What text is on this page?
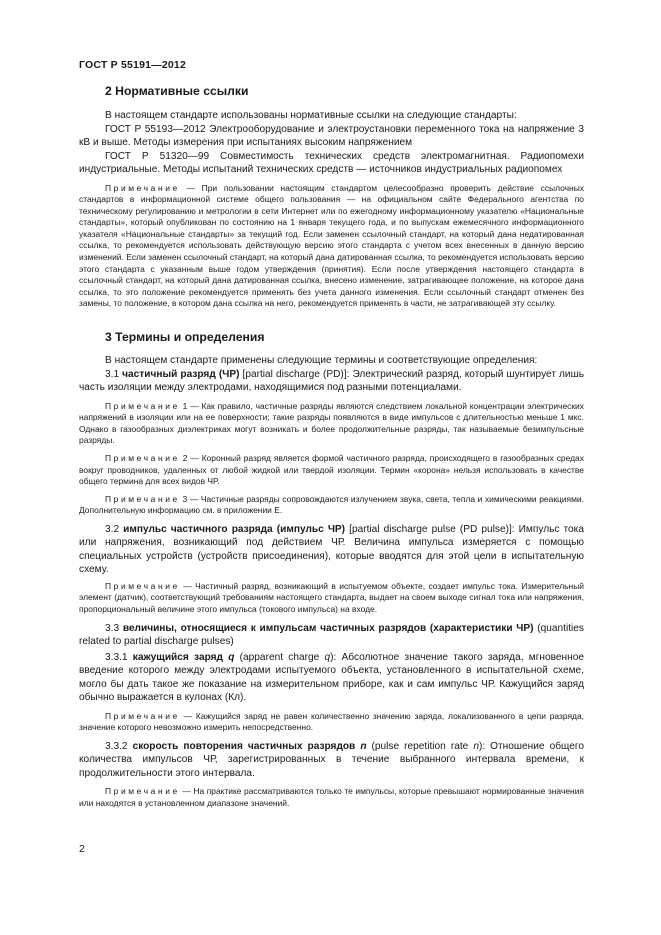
ГОСТ Р 55191—2012
2 Нормативные ссылки

В настоящем стандарте использованы нормативные ссылки на следующие стандарты:

ГОСТ Р 55193—2012 Электрооборудование и электроустановки переменного тока на напряжение 3 кВ и выше. Методы измерения при испытаниях высоким напряжением

ГОСТ Р 51320—99 Совместимость технических средств электромагнитная. Радиопомехи индустриальные. Методы испытаний технических средств — источников индустриальных радиопомех

Примечание — При пользовании настоящим стандартом целесообразно проверить действие ссылочных стандартов в информационной системе общего пользования — на официальном сайте Федерального агентства по техническому регулированию и метрологии в сети Интернет или по ежегодному информационному указателю «Национальные стандарты», который опубликован по состоянию на 1 января текущего года, и по выпускам ежемесячного информационного указателя «Национальные стандарты» за текущий год. Если заменен ссылочный стандарт, на который дана недатированная ссылка, то рекомендуется использовать действующую версию этого стандарта с учетом всех внесенных в данную версию изменений. Если заменен ссылочный стандарт, на который дана датированная ссылка, то рекомендуется использовать версию этого стандарта с указанным выше годом утверждения (принятия). Если после утверждения настоящего стандарта в ссылочный стандарт, на который дана датированная ссылка, внесено изменение, затрагивающее положение, на которое дана ссылка, то это положение рекомендуется применять без учета данного изменения. Если ссылочный стандарт отменен без замены, то положение, в котором дана ссылка на него, рекомендуется применять в части, не затрагивающей эту ссылку.

3 Термины и определения

В настоящем стандарте применены следующие термины и соответствующие определения:

3.1 частичный разряд (ЧР) [partial discharge (PD)]: Электрический разряд, который шунтирует лишь часть изоляции между электродами, находящимися под разными потенциалами.

Примечание 1 — Как правило, частичные разряды являются следствием локальной концентрации электрических напряжений в изоляции или на ее поверхности; такие разряды появляются в виде импульсов с длительностью меньше 1 мкс. Однако в газообразных диэлектриках могут возникать и более продолжительные разряды, так называемые безимпульсные разряды.

Примечание 2 — Коронный разряд является формой частичного разряда, происходящего в газообразных средах вокруг проводников, удаленных от любой жидкой или твердой изоляции. Термин «корона» нельзя использовать в качестве общего термина для всех видов ЧР.

Примечание 3 — Частичные разряды сопровождаются излучением звука, света, тепла и химическими реакциями. Дополнительную информацию см. в приложении Е.

3.2 импульс частичного разряда (импульс ЧР) [partial discharge pulse (PD pulse)]: Импульс тока или напряжения, возникающий под действием ЧР. Величина импульса измеряется с помощью специальных устройств (устройств присоединения), которые вводятся для этой цели в испытательную схему.

Примечание — Частичный разряд, возникающий в испытуемом объекте, создает импульс тока. Измерительный элемент (датчик), соответствующий требованиям настоящего стандарта, выдает на своем выходе сигнал тока или напряжения, пропорциональный величине этого импульса (токового импульса) на входе.

3.3 величины, относящиеся к импульсам частичных разрядов (характеристики ЧР) (quantities related to partial discharge pulses)

3.3.1 кажущийся заряд q (apparent charge q): Абсолютное значение такого заряда, мгновенное введение которого между электродами испытуемого объекта, установленного в испытательной схеме, могло бы дать такое же показание на измерительном приборе, как и сам импульс ЧР. Кажущийся заряд обычно выражается в кулонах (Кл).

Примечание — Кажущийся заряд не равен количественно значению заряда, локализованного в цепи разряда, значение которого невозможно измерить непосредственно.

3.3.2 скорость повторения частичных разрядов n (pulse repetition rate n): Отношение общего количества импульсов ЧР, зарегистрированных в течение выбранного интервала времени, к продолжительности этого интервала.

Примечание — На практике рассматриваются только те импульсы, которые превышают нормированные значения или находятся в установленном диапазоне значений.

2
